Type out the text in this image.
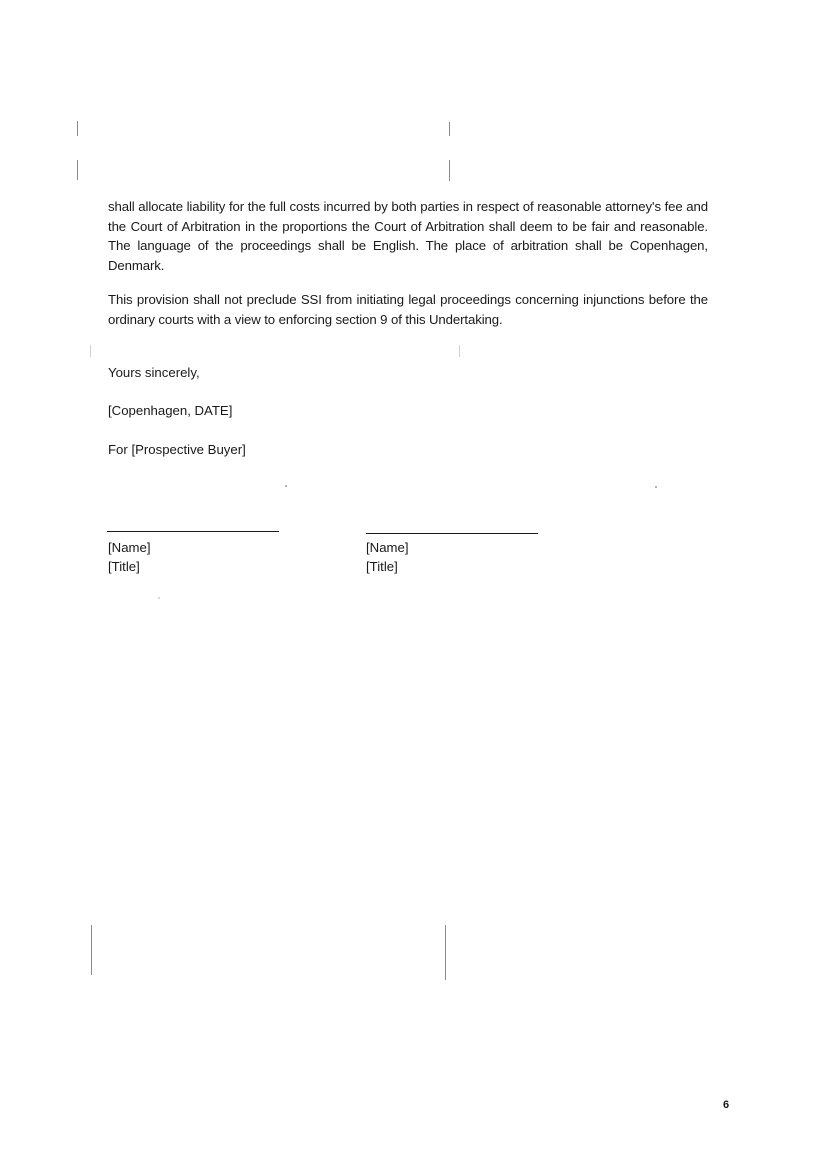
shall allocate liability for the full costs incurred by both parties in respect of reasonable attorney's fee and the Court of Arbitration in the proportions the Court of Arbitration shall deem to be fair and reasonable. The language of the proceedings shall be English. The place of arbitration shall be Copenhagen, Denmark.

This provision shall not preclude SSI from initiating legal proceedings concerning injunctions before the ordinary courts with a view to enforcing section 9 of this Undertaking.

Yours sincerely,

[Copenhagen, DATE]

For [Prospective Buyer]

[Name]
[Title]
[Name]
[Title]
6
